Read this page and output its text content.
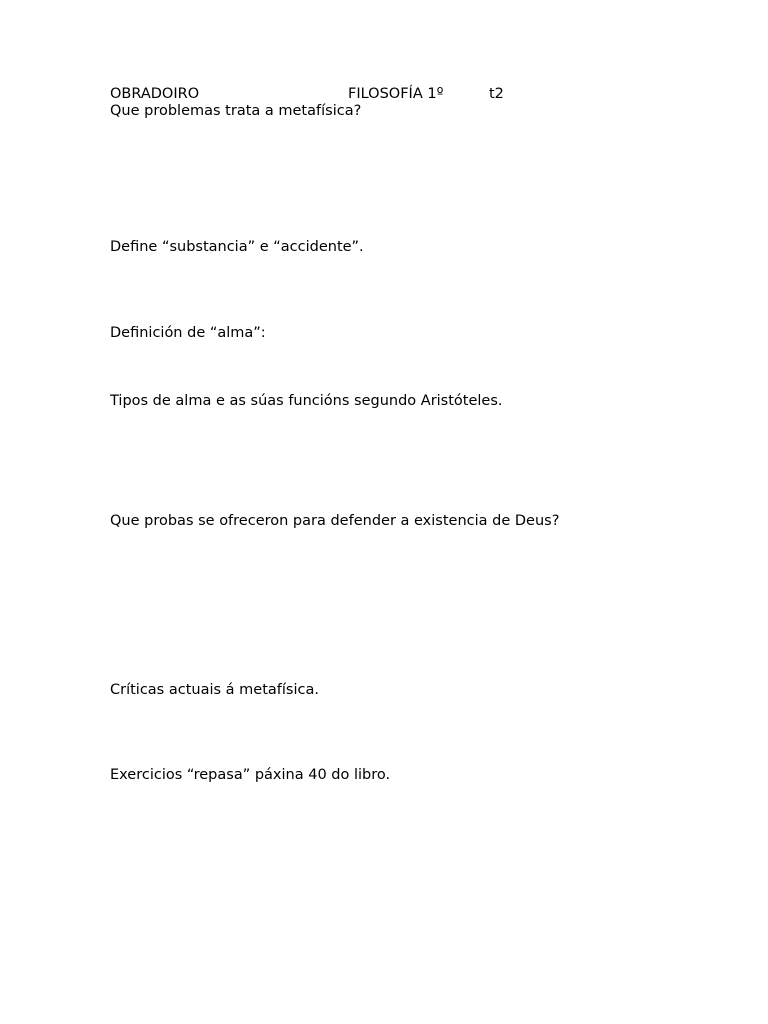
OBRADOIRO	FILOSOFÍA 1º	t2
Que problemas trata a metafísica?
Define “substancia” e “accidente”.
Definición de “alma”:
Tipos de alma e as súas funcións segundo Aristóteles.
Que probas se ofreceron para defender a existencia de Deus?
Críticas actuais á metafísica.
Exercicios “repasa” páxina 40 do libro.
